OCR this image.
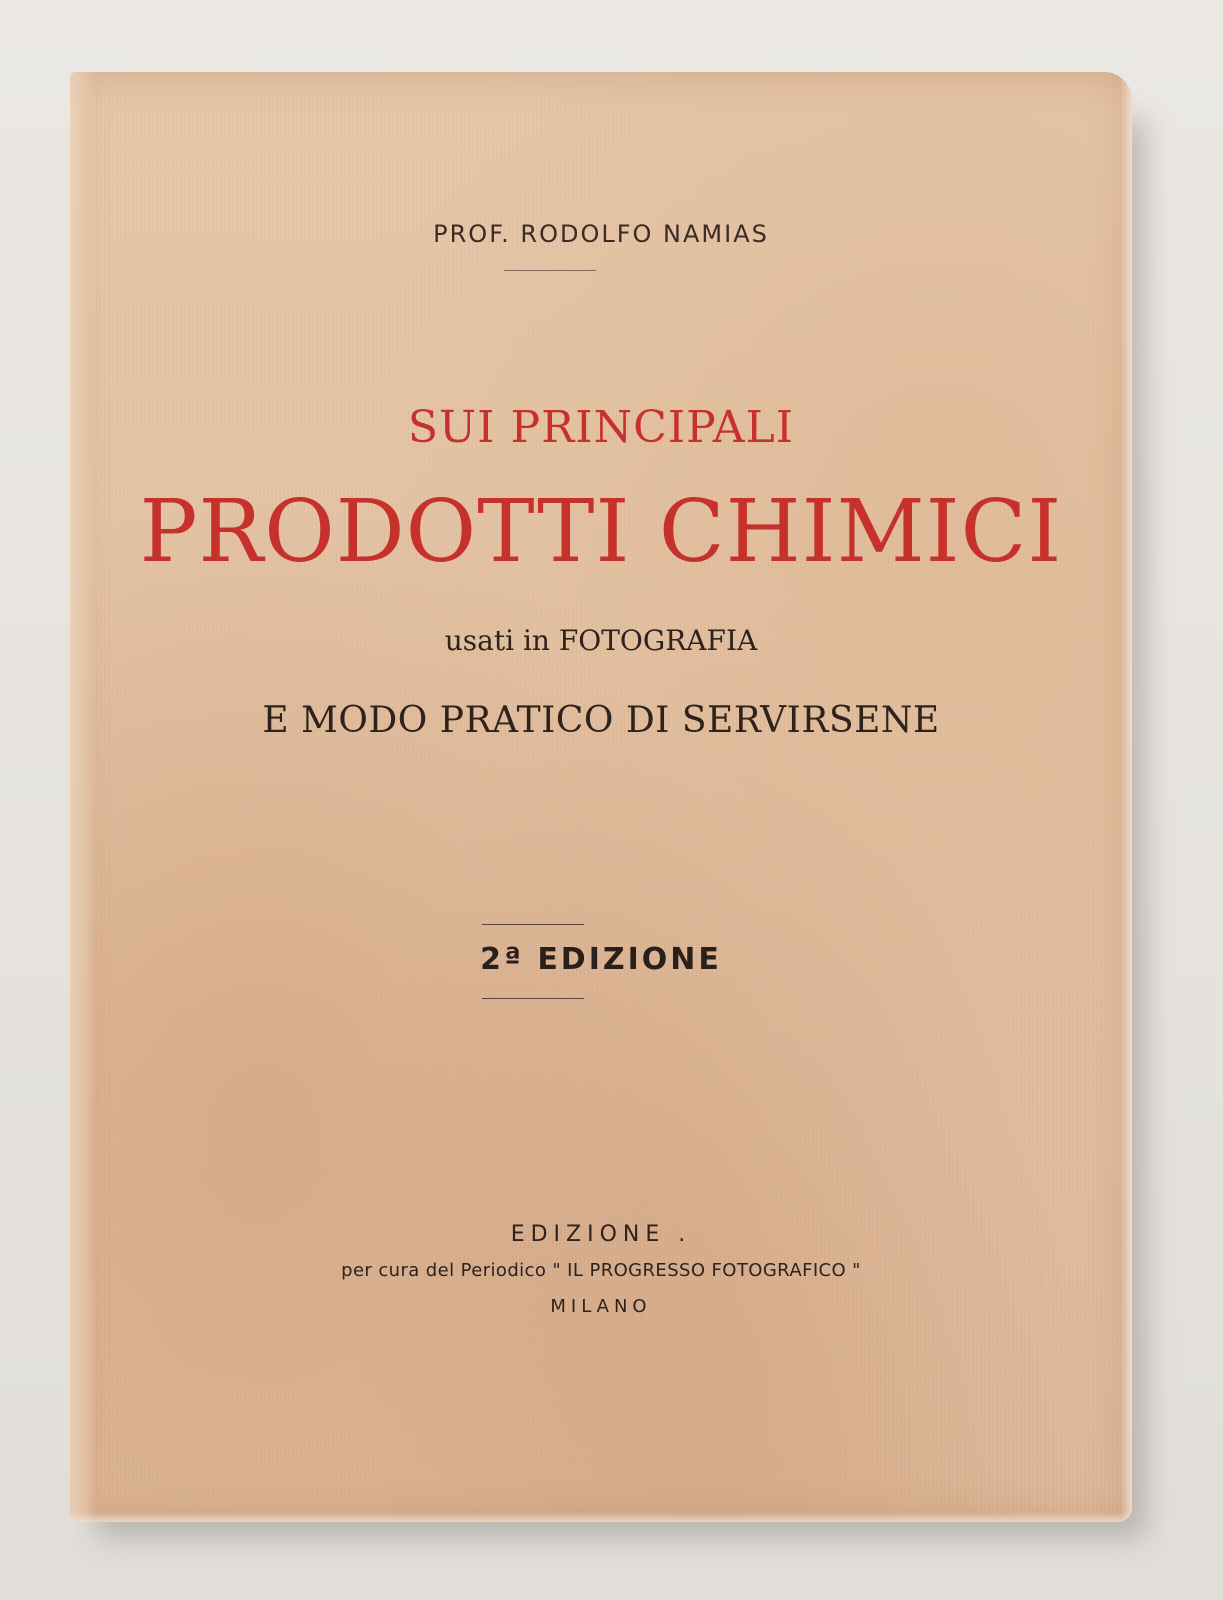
PROF. RODOLFO NAMIAS
SUI PRINCIPALI
PRODOTTI CHIMICI
usati in FOTOGRAFIA
E MODO PRATICO DI SERVIRSENE
2ª EDIZIONE
EDIZIONE .
per cura del Periodico " IL PROGRESSO FOTOGRAFICO "
MILANO
